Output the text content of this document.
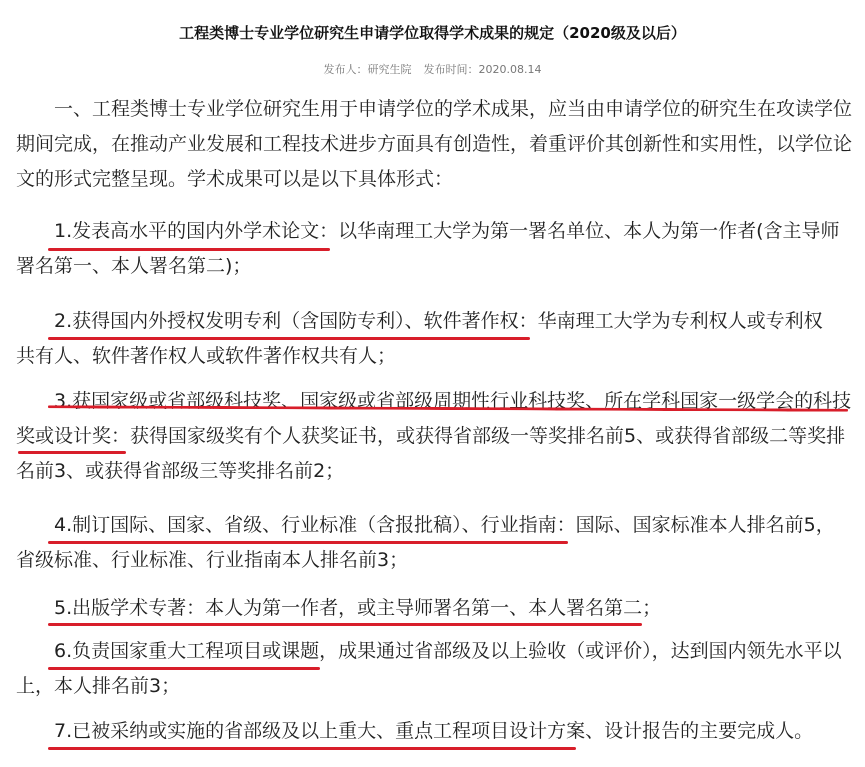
工程类博士专业学位研究生申请学位取得学术成果的规定（2020级及以后）
发布人：研究生院 发布时间：2020.08.14
　　一、工程类博士专业学位研究生用于申请学位的学术成果，应当由申请学位的研究生在攻读学位
期间完成，在推动产业发展和工程技术进步方面具有创造性，着重评价其创新性和实用性，以学位论
文的形式完整呈现。学术成果可以是以下具体形式：
　　1.发表高水平的国内外学术论文：以华南理工大学为第一署名单位、本人为第一作者(含主导师
署名第一、本人署名第二)；
　　2.获得国内外授权发明专利（含国防专利）、软件著作权：华南理工大学为专利权人或专利权
共有人、软件著作权人或软件著作权共有人；
　　3.获国家级或省部级科技奖、国家级或省部级周期性行业科技奖、所在学科国家一级学会的科技
奖或设计奖：获得国家级奖有个人获奖证书，或获得省部级一等奖排名前5、或获得省部级二等奖排
名前3、或获得省部级三等奖排名前2；
　　4.制订国际、国家、省级、行业标准（含报批稿）、行业指南：国际、国家标准本人排名前5，
省级标准、行业标准、行业指南本人排名前3；
　　5.出版学术专著：本人为第一作者，或主导师署名第一、本人署名第二；
　　6.负责国家重大工程项目或课题，成果通过省部级及以上验收（或评价），达到国内领先水平以
上，本人排名前3；
　　7.已被采纳或实施的省部级及以上重大、重点工程项目设计方案、设计报告的主要完成人。
